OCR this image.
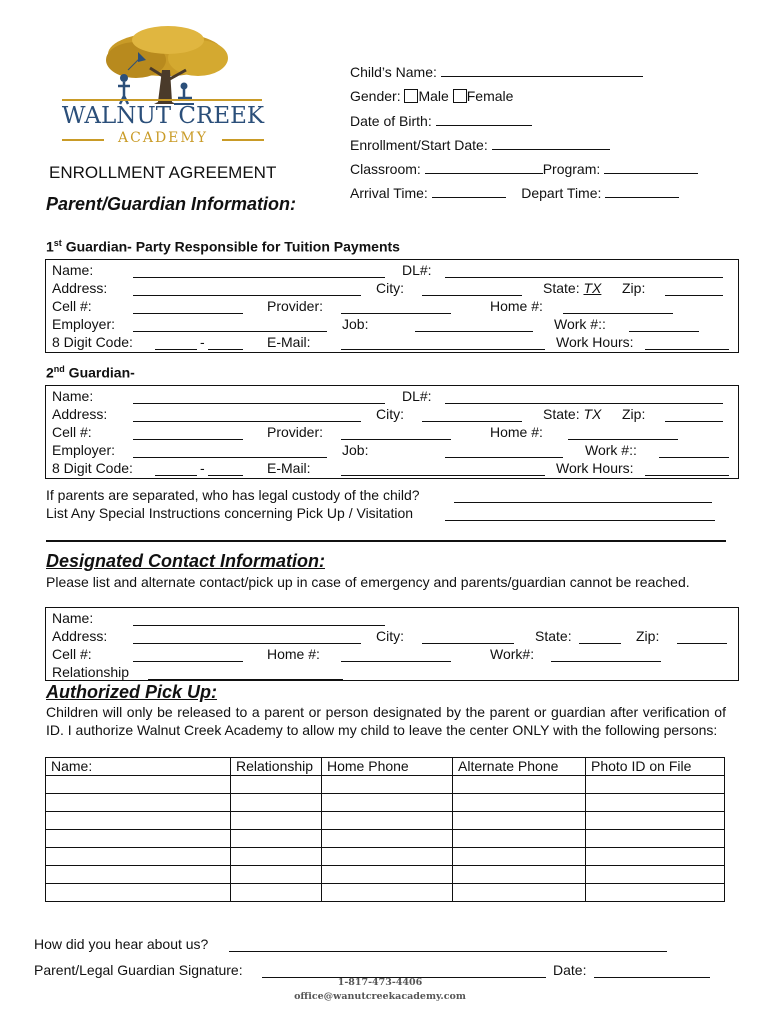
WALNUT CREEK
ACADEMY
Child’s Name:
Gender: Male Female
Date of Birth:
Enrollment/Start Date:
Classroom:	Program:
Arrival Time:	Depart Time:
ENROLLMENT AGREEMENT
Parent/Guardian Information:
1st Guardian- Party Responsible for Tuition Payments
Name:	DL#:
Address:	City:	State: TX Zip:
Cell #:	Provider:	Home #:
Employer:	Job:	Work #::
8 Digit Code:	-	E-Mail:	Work Hours:
2nd Guardian-
Name:	DL#:
Address:	City:	State: TX Zip:
Cell #:	Provider:	Home #:
Employer:	Job:	Work #::
8 Digit Code:	-	E-Mail:	Work Hours:
If parents are separated, who has legal custody of the child?
List Any Special Instructions concerning Pick Up / Visitation
Designated Contact Information:
Please list and alternate contact/pick up in case of emergency and parents/guardian cannot be reached.
Name:
Address:	City:	State:	Zip:
Cell #:	Home #:	Work#:
Relationship
Authorized Pick Up:
Children will only be released to a parent or person designated by the parent or guardian after verification of ID. I authorize Walnut Creek Academy to allow my child to leave the center ONLY with the following persons:
Name:	Relationship	Home Phone	Alternate Phone	Photo ID on File

How did you hear about us?
Parent/Legal Guardian Signature:	Date:
1-817-473-4406
office@wanutcreekacademy.com
